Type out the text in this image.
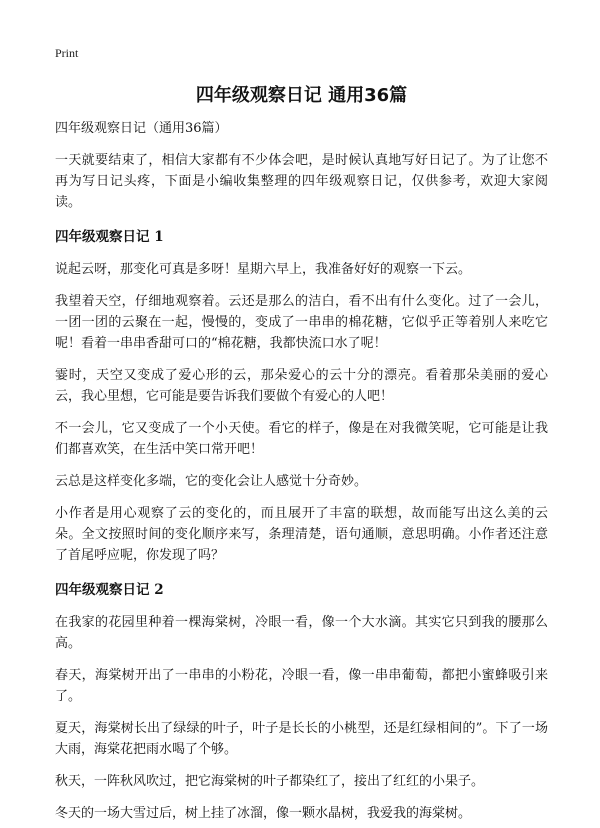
Print
四年级观察日记 通用36篇
四年级观察日记（通用36篇）

一天就要结束了，相信大家都有不少体会吧，是时候认真地写好日记了。为了让您不再为写日记头疼，下面是小编收集整理的四年级观察日记，仅供参考，欢迎大家阅读。

四年级观察日记 1

说起云呀，那变化可真是多呀！星期六早上，我准备好好的观察一下云。

我望着天空，仔细地观察着。云还是那么的洁白，看不出有什么变化。过了一会儿，一团一团的云聚在一起，慢慢的，变成了一串串的棉花糖，它似乎正等着别人来吃它呢！看着一串串香甜可口的“棉花糖，我都快流口水了呢！

霎时，天空又变成了爱心形的云，那朵爱心的云十分的漂亮。看着那朵美丽的爱心云，我心里想，它可能是要告诉我们要做个有爱心的人吧！

不一会儿，它又变成了一个小天使。看它的样子，像是在对我微笑呢，它可能是让我们都喜欢笑，在生活中笑口常开吧！

云总是这样变化多端，它的变化会让人感觉十分奇妙。

小作者是用心观察了云的变化的，而且展开了丰富的联想，故而能写出这么美的云朵。全文按照时间的变化顺序来写，条理清楚，语句通顺，意思明确。小作者还注意了首尾呼应呢，你发现了吗？

四年级观察日记 2

在我家的花园里种着一棵海棠树，冷眼一看，像一个大水滴。其实它只到我的腰那么高。

春天，海棠树开出了一串串的小粉花，冷眼一看，像一串串葡萄，都把小蜜蜂吸引来了。

夏天，海棠树长出了绿绿的叶子，叶子是长长的小桃型，还是红绿相间的”。下了一场大雨，海棠花把雨水喝了个够。

秋天，一阵秋风吹过，把它海棠树的叶子都染红了，接出了红红的小果子。

冬天的一场大雪过后，树上挂了冰溜，像一颗水晶树，我爱我的海棠树。
